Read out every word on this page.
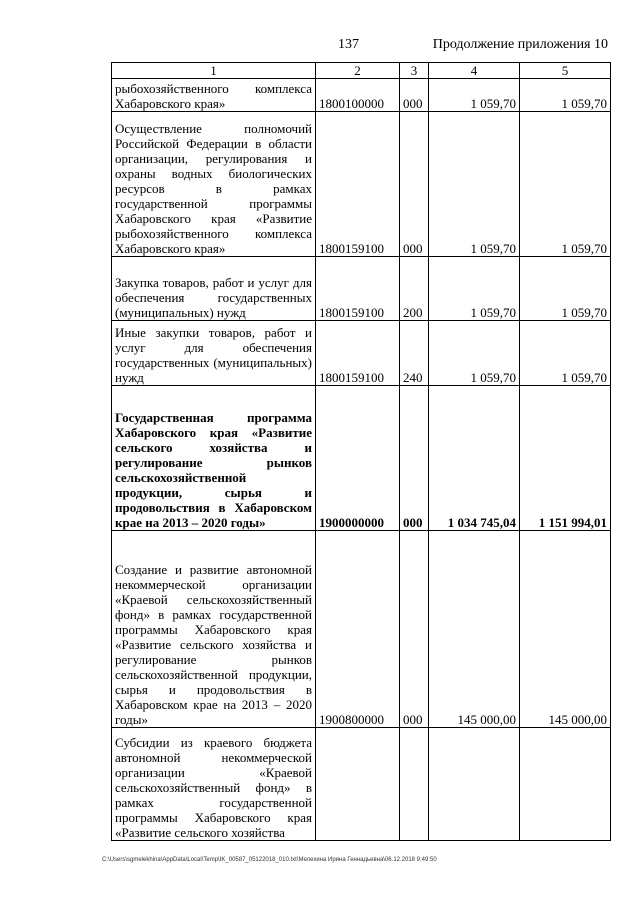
137	Продолжение приложения 10
1	2	3	4	5
рыбохозяйственного комплекса Хабаровского края»	1800100000	000	1 059,70	1 059,70
Осуществление полномочий Российской Федерации в области организации, регулирования и охраны водных биологических ресурсов в рамках государственной программы Хабаровского края «Развитие рыбохозяйственного комплекса Хабаровского края»	1800159100	000	1 059,70	1 059,70
Закупка товаров, работ и услуг для обеспечения государственных (муниципальных) нужд	1800159100	200	1 059,70	1 059,70
Иные закупки товаров, работ и услуг для обеспечения государственных (муниципальных) нужд	1800159100	240	1 059,70	1 059,70
Государственная программа Хабаровского края «Развитие сельского хозяйства и регулирование рынков сельскохозяйственной продукции, сырья и продовольствия в Хабаровском крае на 2013 – 2020 годы»	1900000000	000	1 034 745,04	1 151 994,01
Создание и развитие автономной некоммерческой организации «Краевой сельскохозяйственный фонд» в рамках государственной программы Хабаровского края «Развитие сельского хозяйства и регулирование рынков сельскохозяйственной продукции, сырья и продовольствия в Хабаровском крае на 2013 – 2020 годы»	1900800000	000	145 000,00	145 000,00
Субсидии из краевого бюджета автономной некоммерческой организации «Краевой сельскохозяйственный фонд» в рамках государственной программы Хабаровского края «Развитие сельского хозяйства				
C:\Users\sgmelekhina\AppData\Local\Temp\IK_00587_05122018_010.txt\Мелехина Ирина Геннадьевна\06.12.2018 9:49:50
